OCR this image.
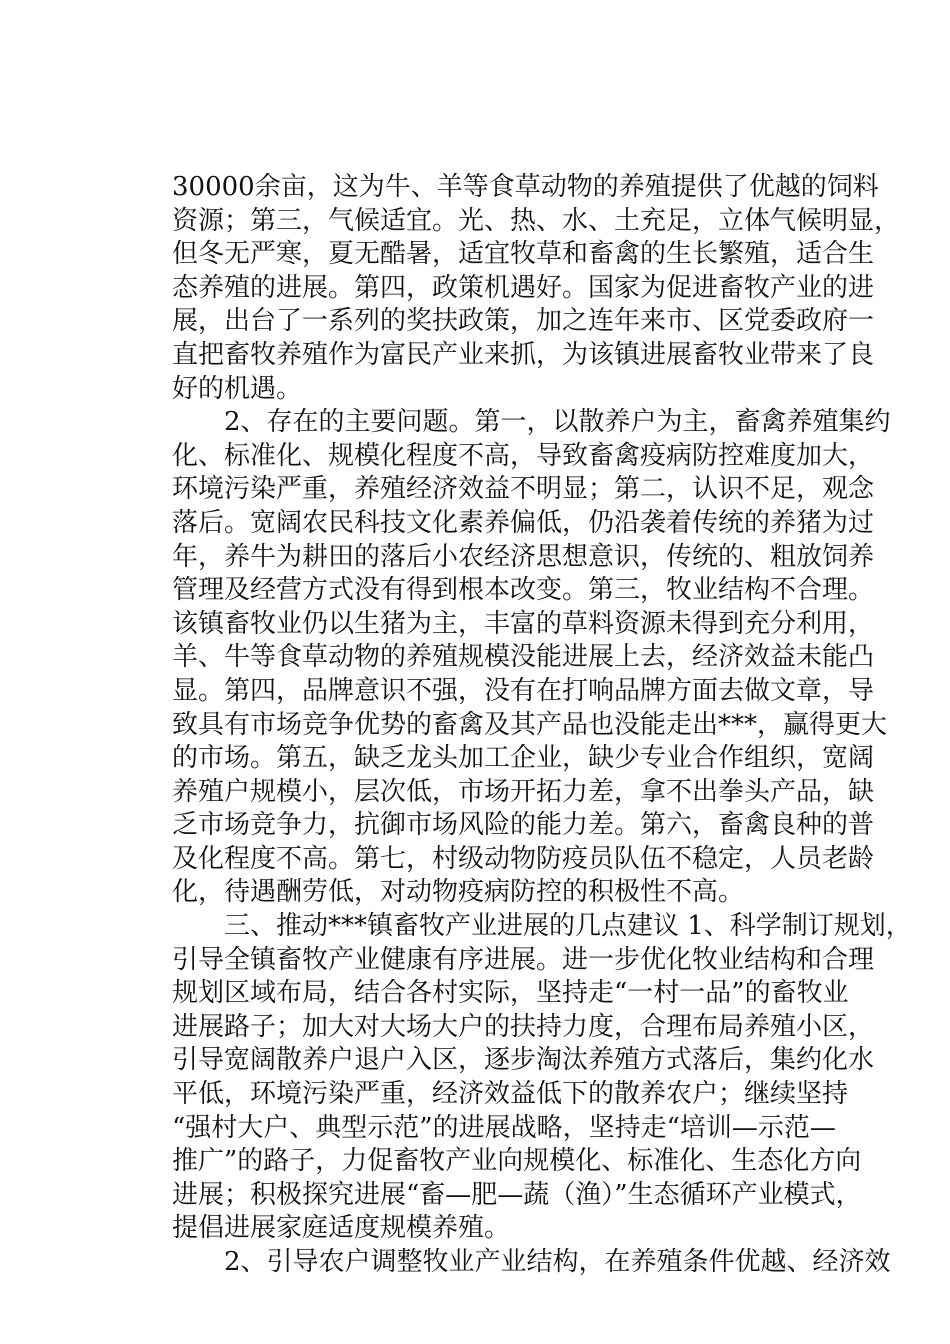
30000余亩，这为牛、羊等食草动物的养殖提供了优越的饲料
资源；第三，气候适宜。光、热、水、土充足，立体气候明显，
但冬无严寒，夏无酷暑，适宜牧草和畜禽的生长繁殖，适合生
态养殖的进展。第四，政策机遇好。国家为促进畜牧产业的进
展，出台了一系列的奖扶政策，加之连年来市、区党委政府一
直把畜牧养殖作为富民产业来抓，为该镇进展畜牧业带来了良
好的机遇。
　　2、存在的主要问题。第一，以散养户为主，畜禽养殖集约
化、标准化、规模化程度不高，导致畜禽疫病防控难度加大，
环境污染严重，养殖经济效益不明显；第二，认识不足，观念
落后。宽阔农民科技文化素养偏低，仍沿袭着传统的养猪为过
年，养牛为耕田的落后小农经济思想意识，传统的、粗放饲养
管理及经营方式没有得到根本改变。第三，牧业结构不合理。
该镇畜牧业仍以生猪为主，丰富的草料资源未得到充分利用，
羊、牛等食草动物的养殖规模没能进展上去，经济效益未能凸
显。第四，品牌意识不强，没有在打响品牌方面去做文章，导
致具有市场竞争优势的畜禽及其产品也没能走出***，赢得更大
的市场。第五，缺乏龙头加工企业，缺少专业合作组织，宽阔
养殖户规模小，层次低，市场开拓力差，拿不出拳头产品，缺
乏市场竞争力，抗御市场风险的能力差。第六，畜禽良种的普
及化程度不高。第七，村级动物防疫员队伍不稳定，人员老龄
化，待遇酬劳低，对动物疫病防控的积极性不高。
　　三、推动***镇畜牧产业进展的几点建议 1、科学制订规划，
引导全镇畜牧产业健康有序进展。进一步优化牧业结构和合理
规划区域布局，结合各村实际，坚持走“一村一品”的畜牧业
进展路子；加大对大场大户的扶持力度，合理布局养殖小区，
引导宽阔散养户退户入区，逐步淘汰养殖方式落后，集约化水
平低，环境污染严重，经济效益低下的散养农户；继续坚持
“强村大户、典型示范”的进展战略，坚持走“培训—示范—
推广”的路子，力促畜牧产业向规模化、标准化、生态化方向
进展；积极探究进展“畜—肥—蔬（渔）”生态循环产业模式，
提倡进展家庭适度规模养殖。
　　2、引导农户调整牧业产业结构，在养殖条件优越、经济效
